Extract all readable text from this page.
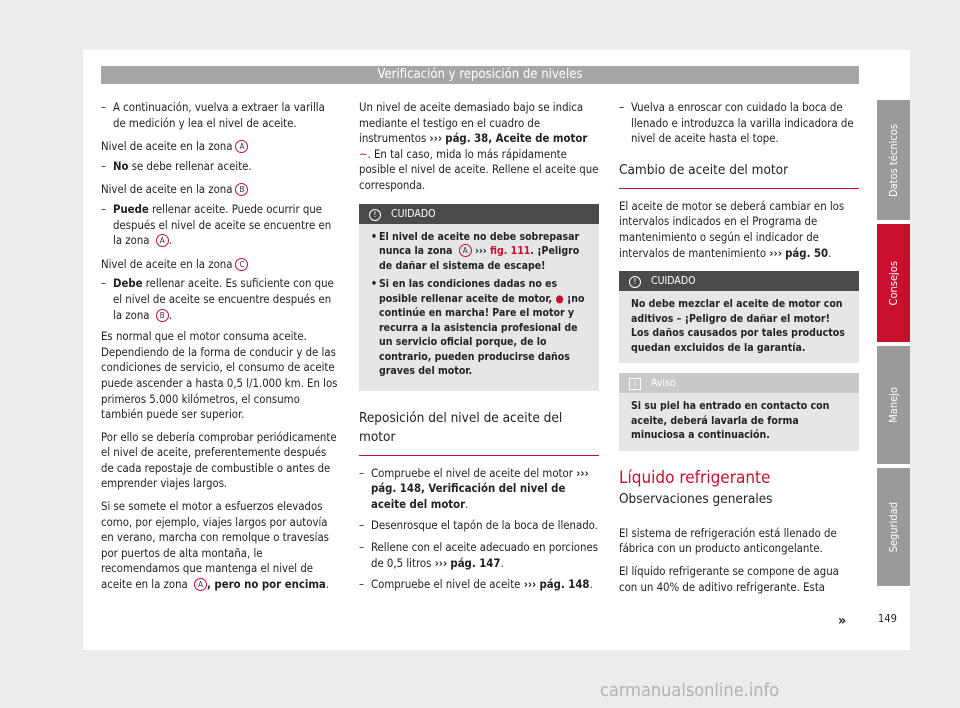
Verificación y reposición de niveles
– A continuación, vuelva a extraer la varilla de medición y lea el nivel de aceite.
Nivel de aceite en la zona A
– No se debe rellenar aceite.
Nivel de aceite en la zona B
– Puede rellenar aceite. Puede ocurrir que después el nivel de aceite se encuentre en la zona A .
Nivel de aceite en la zona C
– Debe rellenar aceite. Es suficiente con que el nivel de aceite se encuentre después en la zona B .

Es normal que el motor consuma aceite. Dependiendo de la forma de conducir y de las condiciones de servicio, el consumo de aceite puede ascender a hasta 0,5 l/1.000 km. En los primeros 5.000 kilómetros, el consumo también puede ser superior.

Por ello se debería comprobar periódicamente el nivel de aceite, preferentemente después de cada repostaje de combustible o antes de emprender viajes largos.

Si se somete el motor a esfuerzos elevados como, por ejemplo, viajes largos por autovía en verano, marcha con remolque o travesías por puertos de alta montaña, le recomendamos que mantenga el nivel de aceite en la zona A , pero no por encima.

Un nivel de aceite demasiado bajo se indica mediante el testigo en el cuadro de instrumentos ››› pág. 38, Aceite de motor ~. En tal caso, mida lo más rápidamente posible el nivel de aceite. Rellene el aceite que corresponda.

! CUIDADO
• El nivel de aceite no debe sobrepasar nunca la zona A ››› fig. 111. ¡Peligro de dañar el sistema de escape!
• Si en las condiciones dadas no es posible rellenar aceite de motor, ● ¡no continúe en marcha! Pare el motor y recurra a la asistencia profesional de un servicio oficial porque, de lo contrario, pueden producirse daños graves del motor.
Reposición del nivel de aceite del motor
– Compruebe el nivel de aceite del motor ››› pág. 148, Verificación del nivel de aceite del motor.
– Desenrosque el tapón de la boca de llenado.
– Rellene con el aceite adecuado en porciones de 0,5 litros ››› pág. 147.
– Compruebe el nivel de aceite ››› pág. 148.
– Vuelva a enroscar con cuidado la boca de llenado e introduzca la varilla indicadora de nivel de aceite hasta el tope.
Cambio de aceite del motor

El aceite de motor se deberá cambiar en los intervalos indicados en el Programa de mantenimiento o según el indicador de intervalos de mantenimiento ››› pág. 50.

! CUIDADO
No debe mezclar el aceite de motor con aditivos – ¡Peligro de dañar el motor! Los daños causados por tales productos quedan excluidos de la garantía.
i Aviso
Si su piel ha entrado en contacto con aceite, deberá lavarla de forma minuciosa a continuación.
Líquido refrigerante
Observaciones generales

El sistema de refrigeración está llenado de fábrica con un producto anticongelante.

El líquido refrigerante se compone de agua con un 40% de aditivo refrigerante. Esta

»
Datos técnicos
Consejos
Manejo
Seguridad
149
carmanualsonline.info
